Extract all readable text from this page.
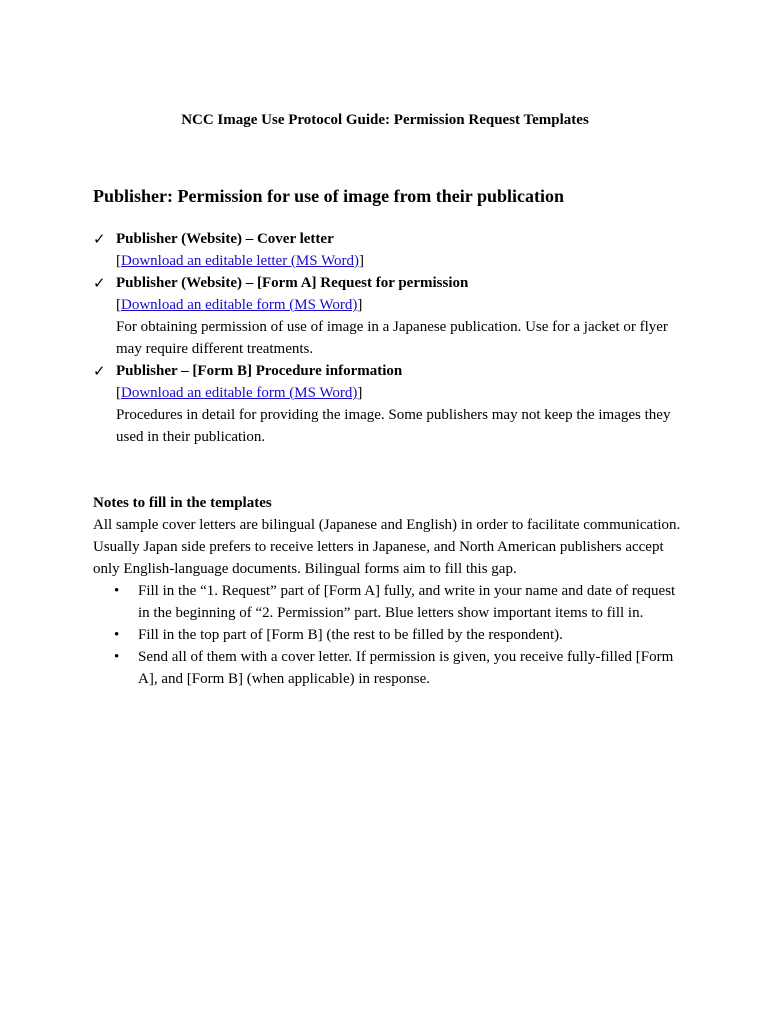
NCC Image Use Protocol Guide: Permission Request Templates
Publisher: Permission for use of image from their publication
✓ Publisher (Website) – Cover letter
[Download an editable letter (MS Word)]
✓ Publisher (Website) – [Form A] Request for permission
[Download an editable form (MS Word)]
For obtaining permission of use of image in a Japanese publication. Use for a jacket or flyer
may require different treatments.
✓ Publisher – [Form B] Procedure information
[Download an editable form (MS Word)]
Procedures in detail for providing the image. Some publishers may not keep the images they
used in their publication.
Notes to fill in the templates
All sample cover letters are bilingual (Japanese and English) in order to facilitate communication.
Usually Japan side prefers to receive letters in Japanese, and North American publishers accept
only English-language documents. Bilingual forms aim to fill this gap.
• Fill in the “1. Request” part of [Form A] fully, and write in your name and date of request
in the beginning of “2. Permission” part. Blue letters show important items to fill in.
• Fill in the top part of [Form B] (the rest to be filled by the respondent).
• Send all of them with a cover letter. If permission is given, you receive fully-filled [Form
A], and [Form B] (when applicable) in response.
